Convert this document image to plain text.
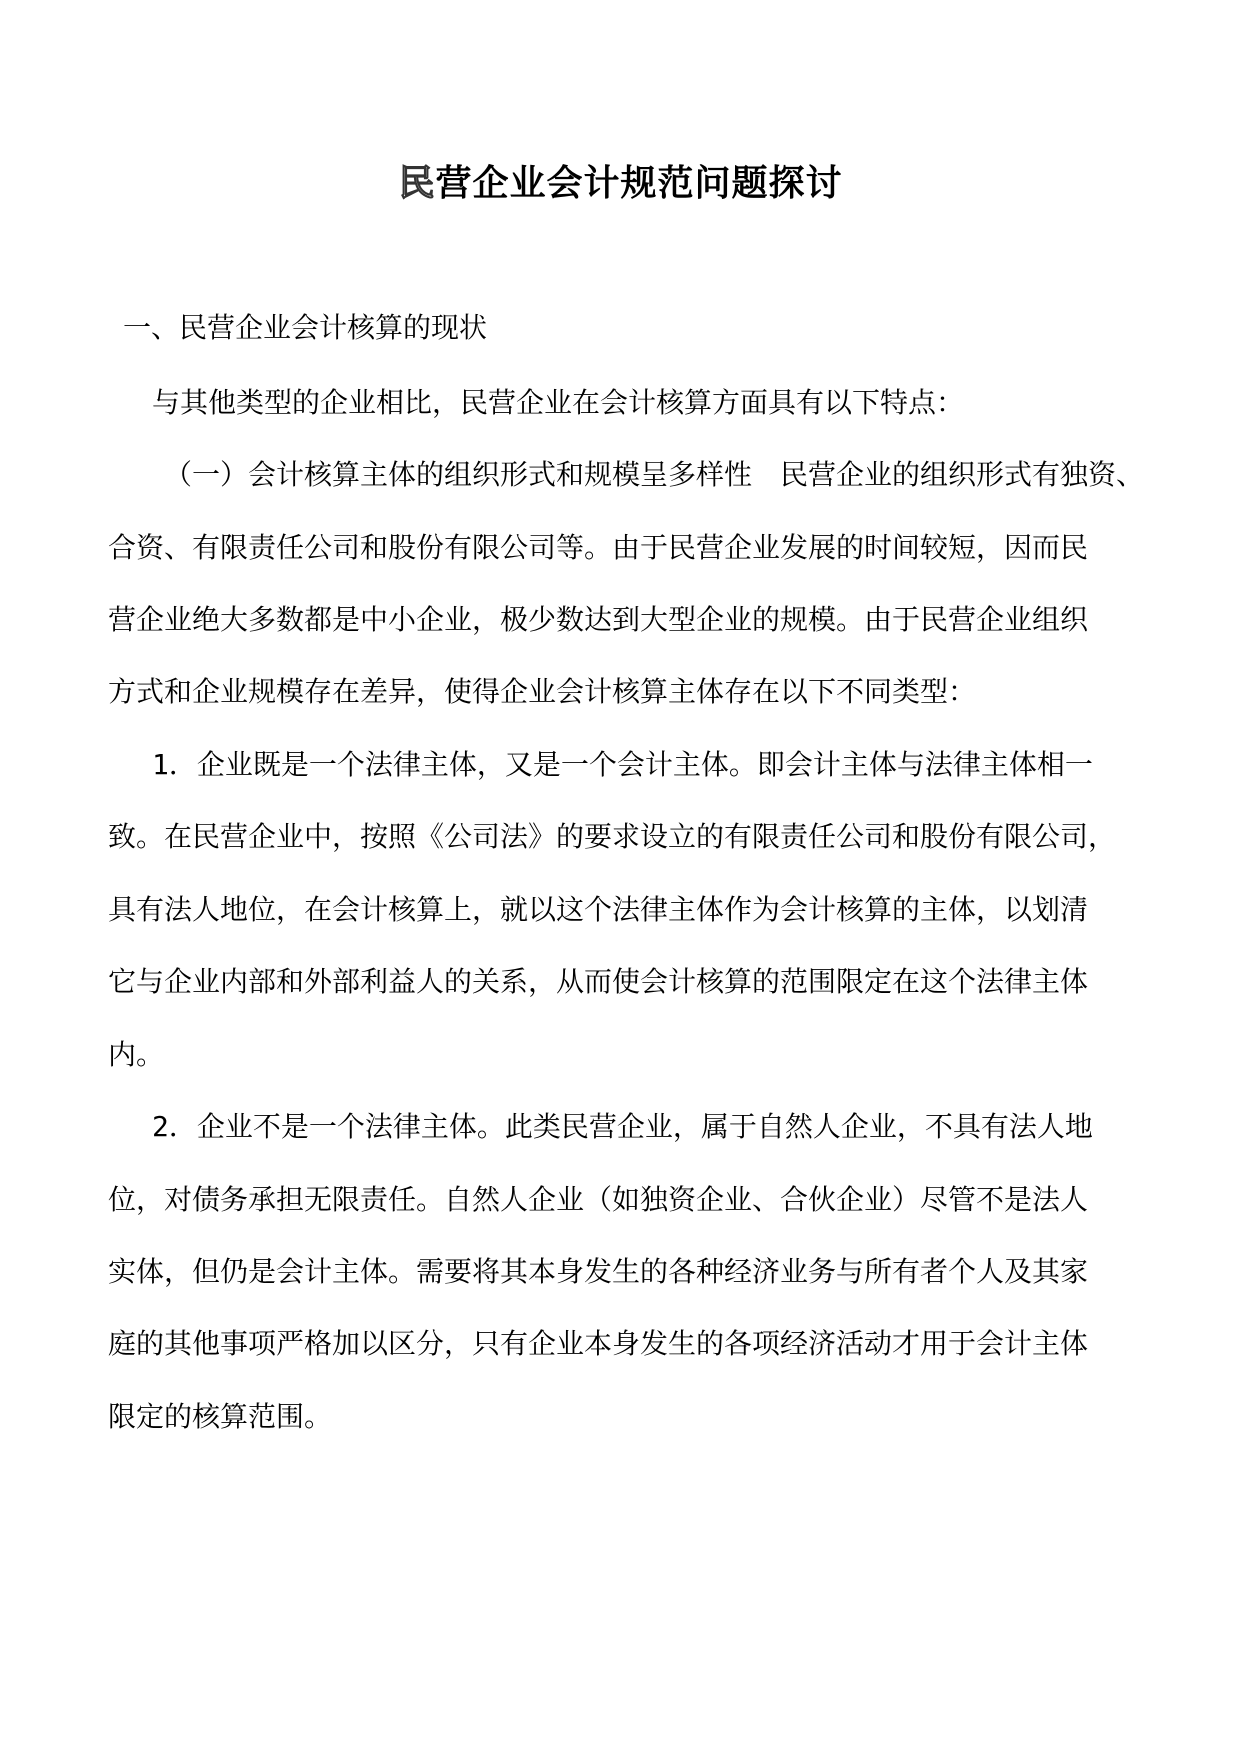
民营企业会计规范问题探讨
一、民营企业会计核算的现状
与其他类型的企业相比，民营企业在会计核算方面具有以下特点：
（一）会计核算主体的组织形式和规模呈多样性　民营企业的组织形式有独资、
合资、有限责任公司和股份有限公司等。由于民营企业发展的时间较短，因而民
营企业绝大多数都是中小企业，极少数达到大型企业的规模。由于民营企业组织
方式和企业规模存在差异，使得企业会计核算主体存在以下不同类型：
1．企业既是一个法律主体，又是一个会计主体。即会计主体与法律主体相一
致。在民营企业中，按照《公司法》的要求设立的有限责任公司和股份有限公司，
具有法人地位，在会计核算上，就以这个法律主体作为会计核算的主体，以划清
它与企业内部和外部利益人的关系，从而使会计核算的范围限定在这个法律主体
内。
2．企业不是一个法律主体。此类民营企业，属于自然人企业，不具有法人地
位，对债务承担无限责任。自然人企业（如独资企业、合伙企业）尽管不是法人
实体，但仍是会计主体。需要将其本身发生的各种经济业务与所有者个人及其家
庭的其他事项严格加以区分，只有企业本身发生的各项经济活动才用于会计主体
限定的核算范围。
